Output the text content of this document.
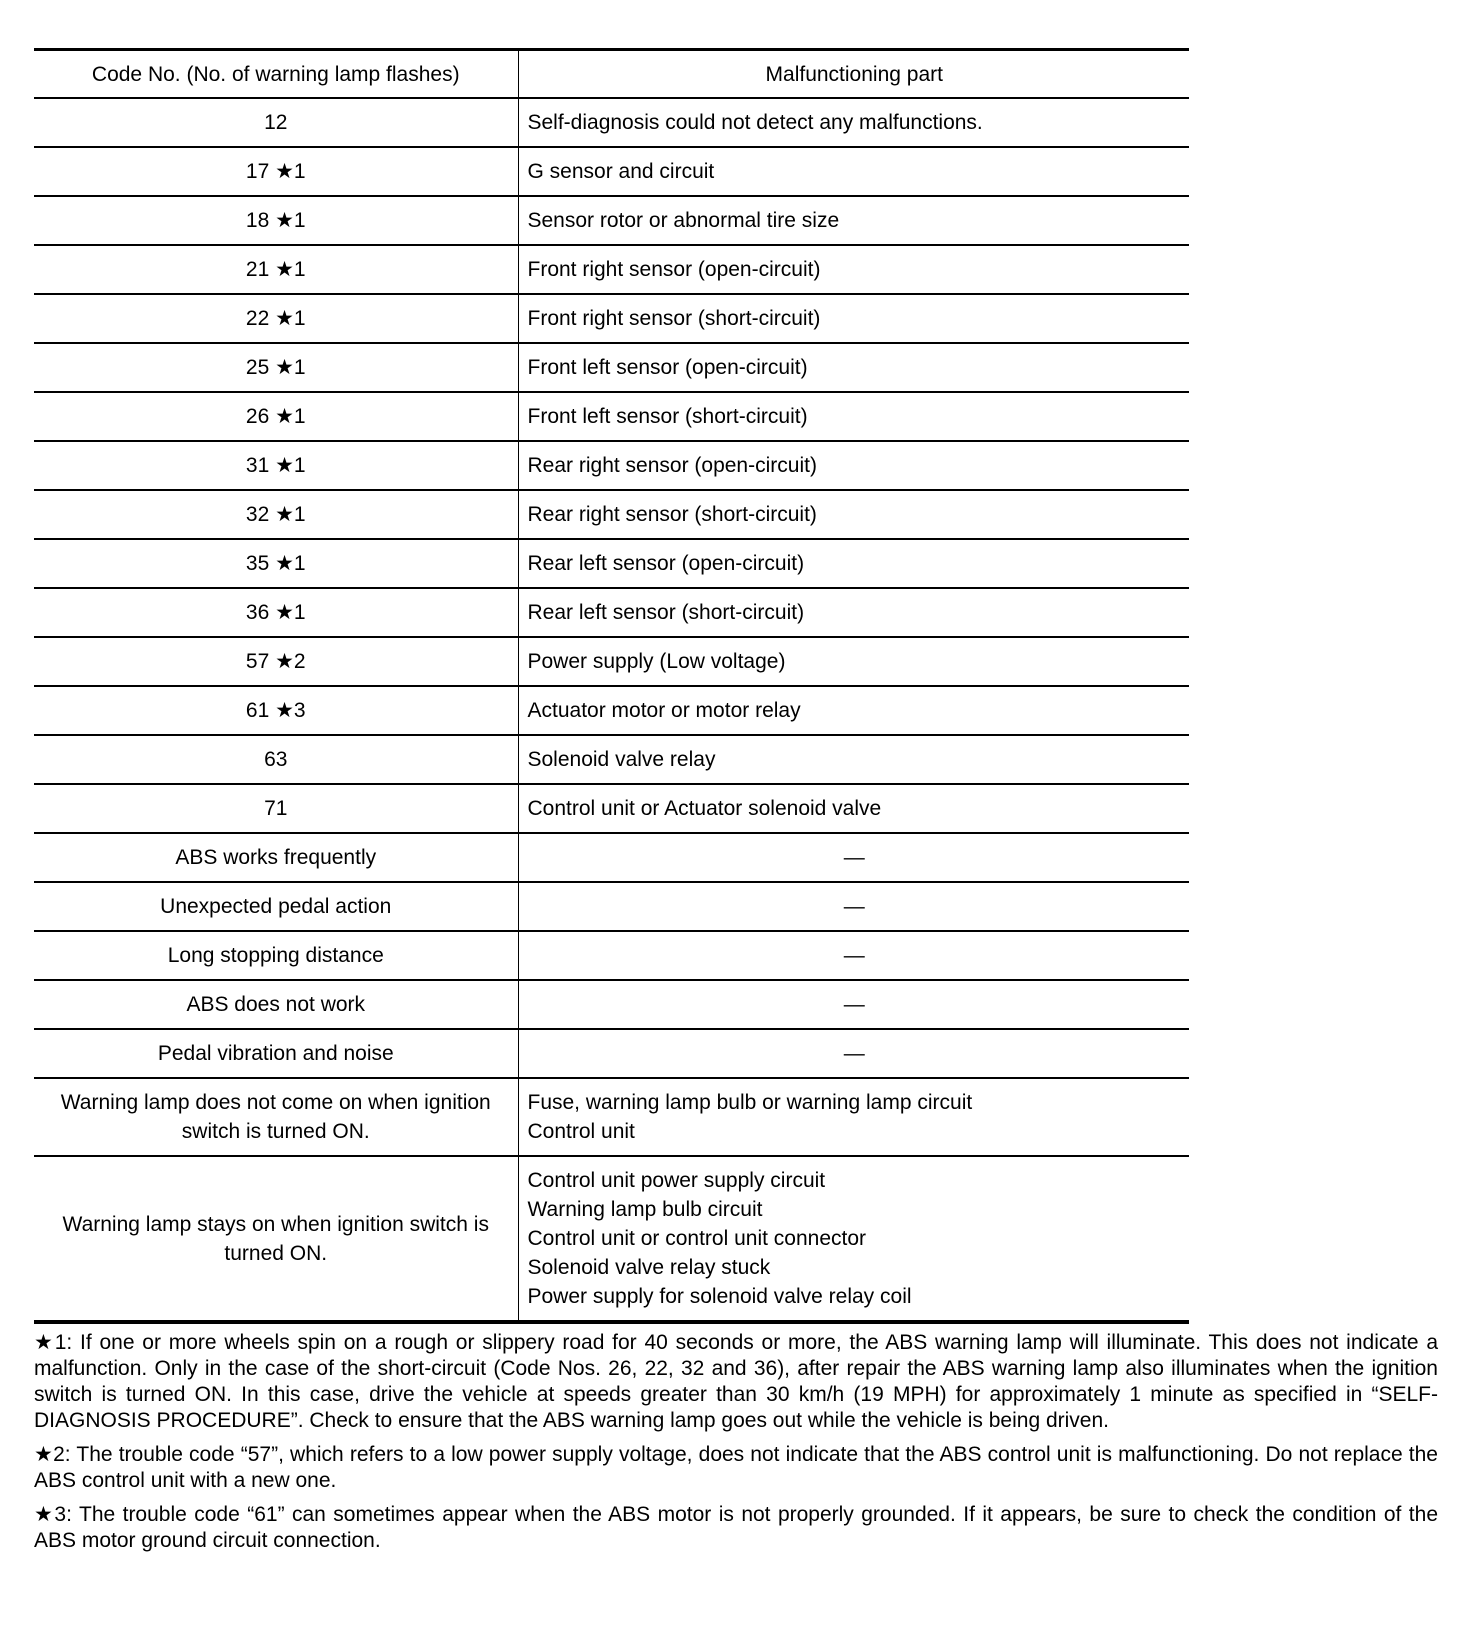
Code No. (No. of warning lamp flashes)	Malfunctioning part
12	Self-diagnosis could not detect any malfunctions.

17 ★1	G sensor and circuit

18 ★1	Sensor rotor or abnormal tire size

21 ★1	Front right sensor (open-circuit)

22 ★1	Front right sensor (short-circuit)

25 ★1	Front left sensor (open-circuit)

26 ★1	Front left sensor (short-circuit)

31 ★1	Rear right sensor (open-circuit)

32 ★1	Rear right sensor (short-circuit)

35 ★1	Rear left sensor (open-circuit)

36 ★1	Rear left sensor (short-circuit)

57 ★2	Power supply (Low voltage)

61 ★3	Actuator motor or motor relay

63	Solenoid valve relay

71	Control unit or Actuator solenoid valve

ABS works frequently	—

Unexpected pedal action	—

Long stopping distance	—

ABS does not work	—

Pedal vibration and noise	—

Warning lamp does not come on when ignition switch is turned ON.	Fuse, warning lamp bulb or warning lamp circuit
Control unit

Warning lamp stays on when ignition switch is turned ON.	Control unit power supply circuit
Warning lamp bulb circuit
Control unit or control unit connector
Solenoid valve relay stuck
Power supply for solenoid valve relay coil

★1: If one or more wheels spin on a rough or slippery road for 40 seconds or more, the ABS warning lamp will illuminate. This does not indicate a malfunction. Only in the case of the short-circuit (Code Nos. 26, 22, 32 and 36), after repair the ABS warning lamp also illuminates when the ignition switch is turned ON. In this case, drive the vehicle at speeds greater than 30 km/h (19 MPH) for approximately 1 minute as specified in “SELF-DIAGNOSIS PROCEDURE”. Check to ensure that the ABS warning lamp goes out while the vehicle is being driven.

★2: The trouble code “57”, which refers to a low power supply voltage, does not indicate that the ABS control unit is malfunctioning. Do not replace the ABS control unit with a new one.

★3: The trouble code “61” can sometimes appear when the ABS motor is not properly grounded. If it appears, be sure to check the condition of the ABS motor ground circuit connection.
